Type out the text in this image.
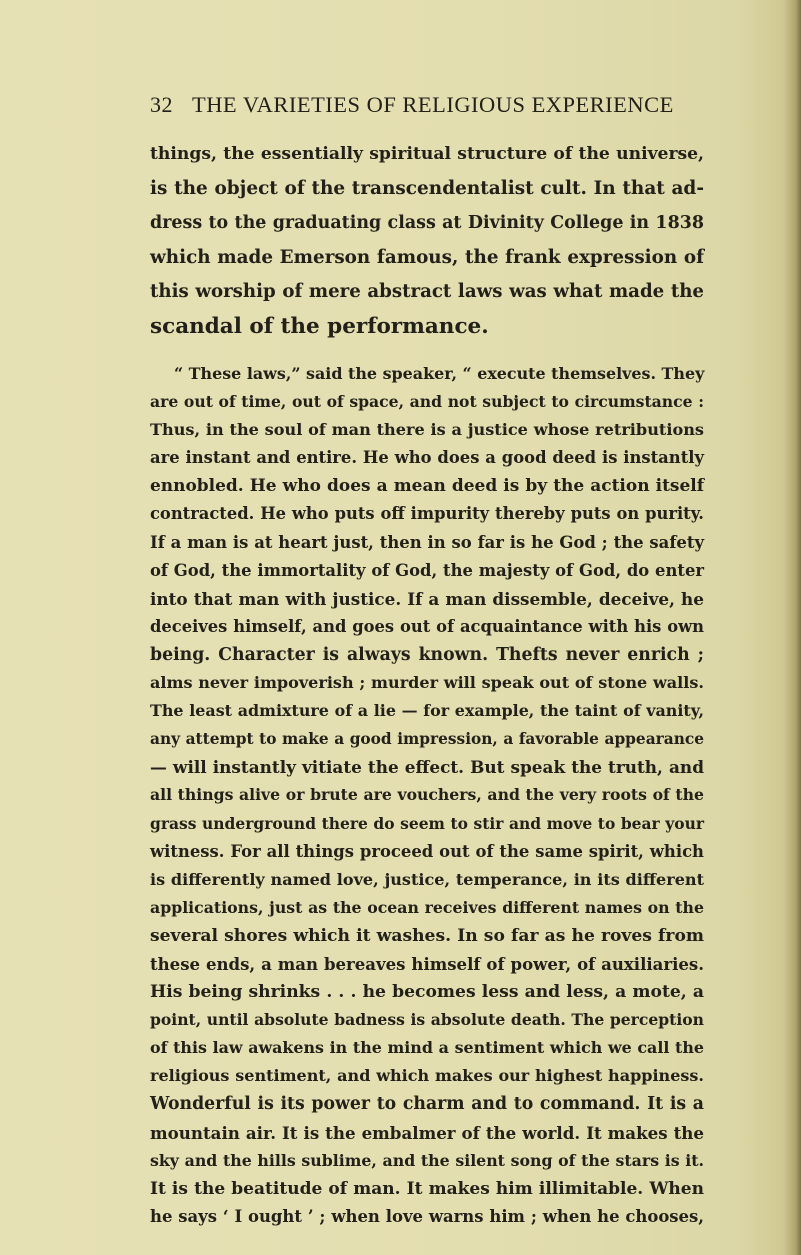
32 THE VARIETIES OF RELIGIOUS EXPERIENCE
things, the essentially spiritual structure of the universe,
is the object of the transcendentalist cult. In that ad-
dress to the graduating class at Divinity College in 1838
which made Emerson famous, the frank expression of
this worship of mere abstract laws was what made the
scandal of the performance.
“ These laws,” said the speaker, “ execute themselves. They
are out of time, out of space, and not subject to circumstance :
Thus, in the soul of man there is a justice whose retributions
are instant and entire. He who does a good deed is instantly
ennobled. He who does a mean deed is by the action itself
contracted. He who puts off impurity thereby puts on purity.
If a man is at heart just, then in so far is he God ; the safety
of God, the immortality of God, the majesty of God, do enter
into that man with justice. If a man dissemble, deceive, he
deceives himself, and goes out of acquaintance with his own
being. Character is always known. Thefts never enrich ;
alms never impoverish ; murder will speak out of stone walls.
The least admixture of a lie — for example, the taint of vanity,
any attempt to make a good impression, a favorable appearance
— will instantly vitiate the effect. But speak the truth, and
all things alive or brute are vouchers, and the very roots of the
grass underground there do seem to stir and move to bear your
witness. For all things proceed out of the same spirit, which
is differently named love, justice, temperance, in its different
applications, just as the ocean receives different names on the
several shores which it washes. In so far as he roves from
these ends, a man bereaves himself of power, of auxiliaries.
His being shrinks . . . he becomes less and less, a mote, a
point, until absolute badness is absolute death. The perception
of this law awakens in the mind a sentiment which we call the
religious sentiment, and which makes our highest happiness.
Wonderful is its power to charm and to command. It is a
mountain air. It is the embalmer of the world. It makes the
sky and the hills sublime, and the silent song of the stars is it.
It is the beatitude of man. It makes him illimitable. When
he says ‘ I ought ’ ; when love warns him ; when he chooses,
